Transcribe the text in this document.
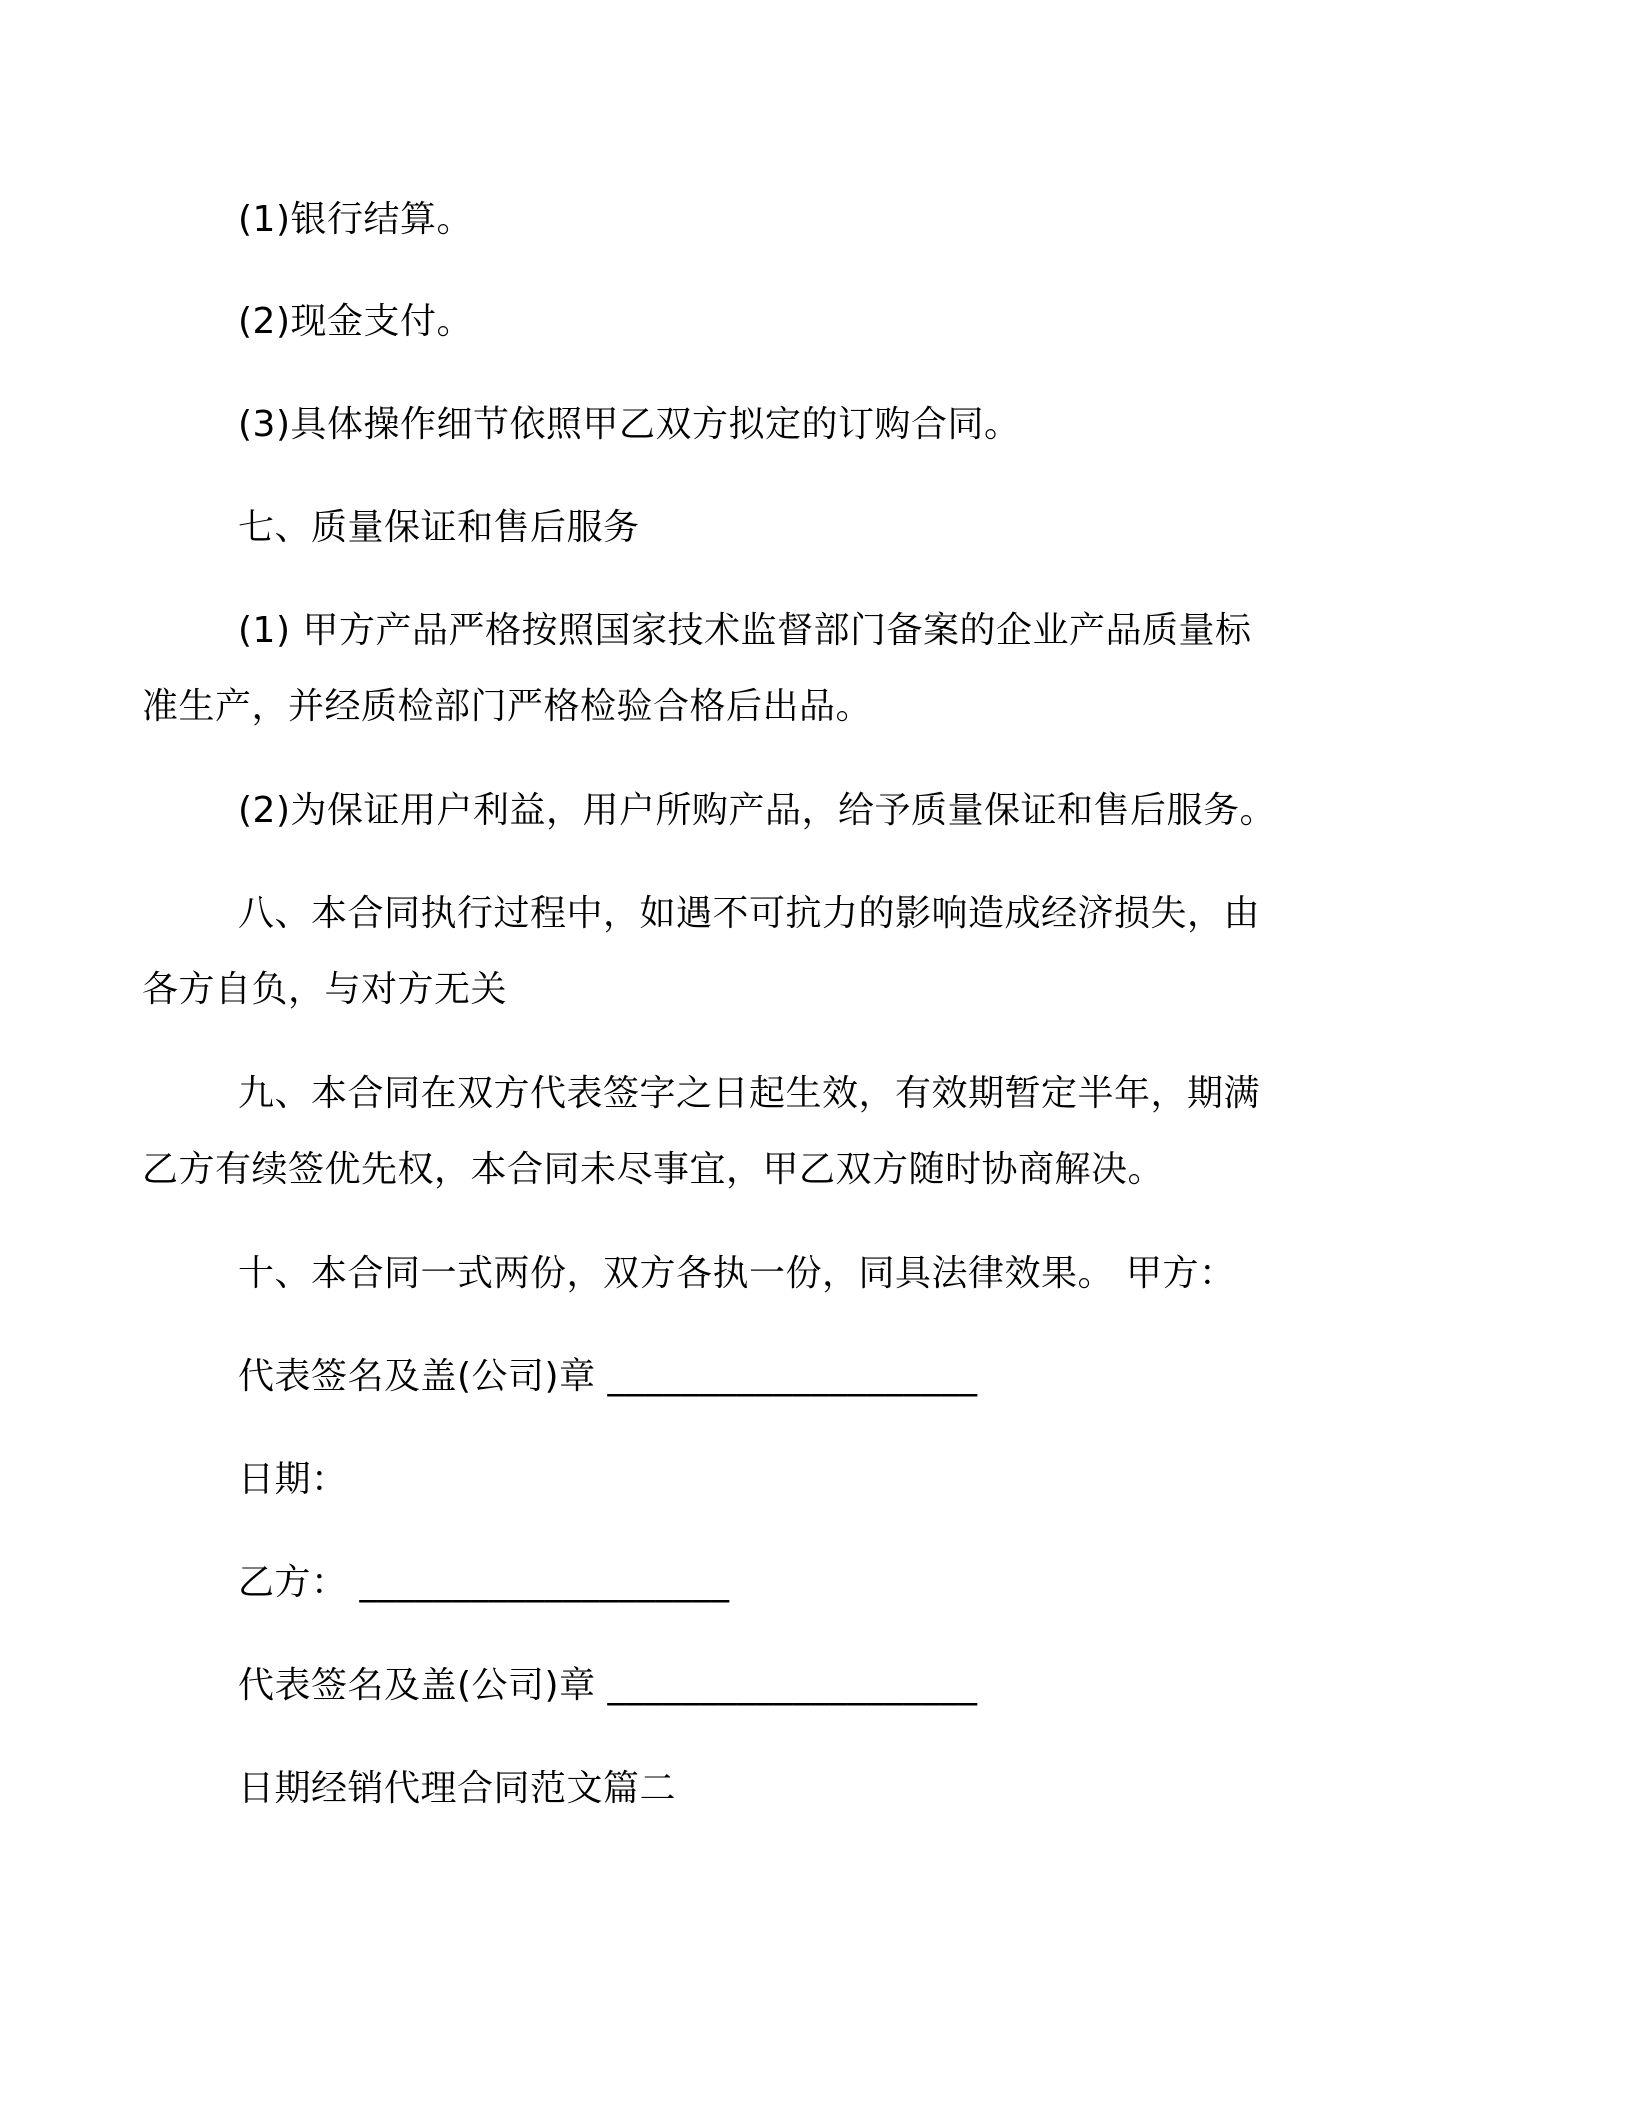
(1)银行结算。

(2)现金支付。

(3)具体操作细节依照甲乙双方拟定的订购合同。

七、质量保证和售后服务

(1) 甲方产品严格按照国家技术监督部门备案的企业产品质量标
准生产，并经质检部门严格检验合格后出品。

(2)为保证用户利益，用户所购产品，给予质量保证和售后服务。

八、本合同执行过程中，如遇不可抗力的影响造成经济损失，由
各方自负，与对方无关

九、本合同在双方代表签字之日起生效，有效期暂定半年，期满
乙方有续签优先权，本合同未尽事宜，甲乙双方随时协商解决。

十、本合同一式两份，双方各执一份，同具法律效果。 甲方：

代表签名及盖(公司)章 ____________________

日期：

乙方： ____________________

代表签名及盖(公司)章 ____________________

日期经销代理合同范文篇二
